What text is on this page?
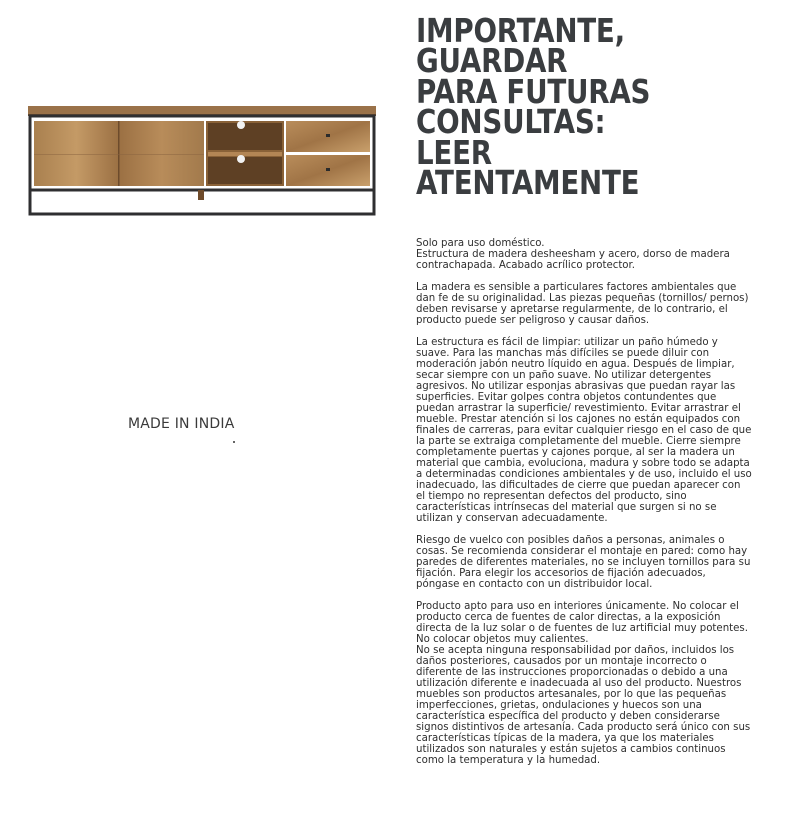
MADE IN INDIA
IMPORTANTE,
GUARDAR
PARA FUTURAS
CONSULTAS:
LEER
ATENTAMENTE

Solo para uso doméstico.
Estructura de madera desheesham y acero, dorso de madera contrachapada. Acabado acrílico protector.

La madera es sensible a particulares factores ambientales que dan fe de su originalidad. Las piezas pequeñas (tornillos/ pernos) deben revisarse y apretarse regularmente, de lo contrario, el producto puede ser peligroso y causar daños.

La estructura es fácil de limpiar: utilizar un paño húmedo y suave. Para las manchas más difíciles se puede diluir con moderación jabón neutro líquido en agua. Después de limpiar, secar siempre con un paño suave. No utilizar detergentes agresivos. No utilizar esponjas abrasivas que puedan rayar las superficies. Evitar golpes contra objetos contundentes que puedan arrastrar la superficie/ revestimiento. Evitar arrastrar el mueble. Prestar atención si los cajones no están equipados con finales de carreras, para evitar cualquier riesgo en el caso de que la parte se extraiga completamente del mueble. Cierre siempre completamente puertas y cajones porque, al ser la madera un material que cambia, evoluciona, madura y sobre todo se adapta a determinadas condiciones ambientales y de uso, incluido el uso inadecuado, las dificultades de cierre que puedan aparecer con el tiempo no representan defectos del producto, sino características intrínsecas del material que surgen si no se utilizan y conservan adecuadamente.

Riesgo de vuelco con posibles daños a personas, animales o cosas. Se recomienda considerar el montaje en pared: como hay paredes de diferentes materiales, no se incluyen tornillos para su fijación. Para elegir los accesorios de fijación adecuados, póngase en contacto con un distribuidor local.

Producto apto para uso en interiores únicamente. No colocar el producto cerca de fuentes de calor directas, a la exposición directa de la luz solar o de fuentes de luz artificial muy potentes. No colocar objetos muy calientes.
No se acepta ninguna responsabilidad por daños, incluidos los daños posteriores, causados por un montaje incorrecto o diferente de las instrucciones proporcionadas o debido a una utilización diferente e inadecuada al uso del producto. Nuestros muebles son productos artesanales, por lo que las pequeñas imperfecciones, grietas, ondulaciones y huecos son una característica específica del producto y deben considerarse signos distintivos de artesanía. Cada producto será único con sus características típicas de la madera, ya que los materiales utilizados son naturales y están sujetos a cambios continuos como la temperatura y la humedad.
